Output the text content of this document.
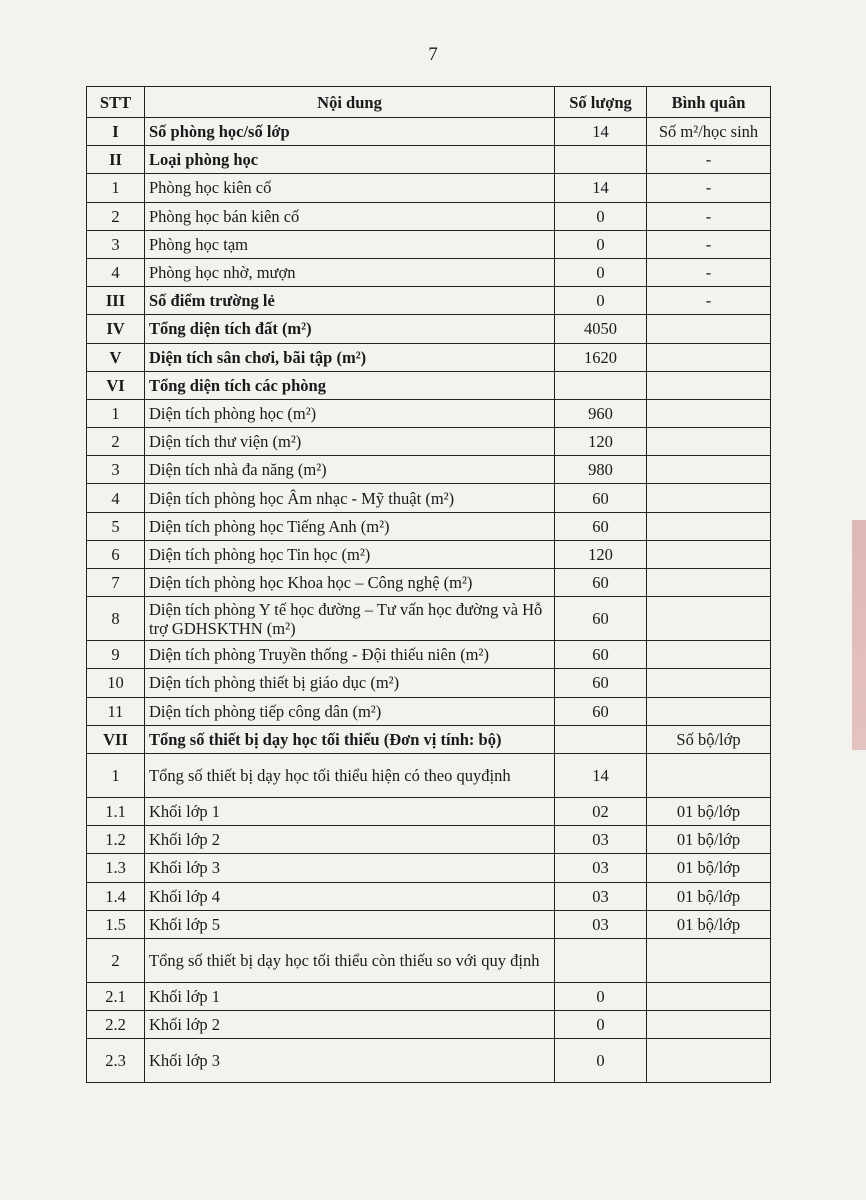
7
STT	Nội dung	Số lượng	Bình quân
I	Số phòng học/số lớp	14	Số m²/học sinh
II	Loại phòng học		-
1	Phòng học kiên cố	14	-
2	Phòng học bán kiên cố	0	-
3	Phòng học tạm	0	-
4	Phòng học nhờ, mượn	0	-
III	Số điểm trường lẻ	0	-
IV	Tổng diện tích đất (m²)	4050	
V	Diện tích sân chơi, bãi tập (m²)	1620	
VI	Tổng diện tích các phòng		
1	Diện tích phòng học (m²)	960	
2	Diện tích thư viện (m²)	120	
3	Diện tích nhà đa năng (m²)	980	
4	Diện tích phòng học Âm nhạc - Mỹ thuật (m²)	60	
5	Diện tích phòng học Tiếng Anh (m²)	60	
6	Diện tích phòng học Tin học (m²)	120	
7	Diện tích phòng học Khoa học – Công nghệ (m²)	60	
8	Diện tích phòng Y tế học đường – Tư vấn học đường và Hỗ trợ GDHSKTHN (m²)	60	
9	Diện tích phòng Truyền thống - Đội thiếu niên (m²)	60	
10	Diện tích phòng thiết bị giáo dục (m²)	60	
11	Diện tích phòng tiếp công dân (m²)	60	
VII	Tổng số thiết bị dạy học tối thiểu (Đơn vị tính: bộ)		Số bộ/lớp
1	Tổng số thiết bị dạy học tối thiểu hiện có theo quyđịnh	14	
1.1	Khối lớp 1	02	01 bộ/lớp
1.2	Khối lớp 2	03	01 bộ/lớp
1.3	Khối lớp 3	03	01 bộ/lớp
1.4	Khối lớp 4	03	01 bộ/lớp
1.5	Khối lớp 5	03	01 bộ/lớp
2	Tổng số thiết bị dạy học tối thiểu còn thiếu so với quy định		
2.1	Khối lớp 1	0	
2.2	Khối lớp 2	0	
2.3	Khối lớp 3	0	
